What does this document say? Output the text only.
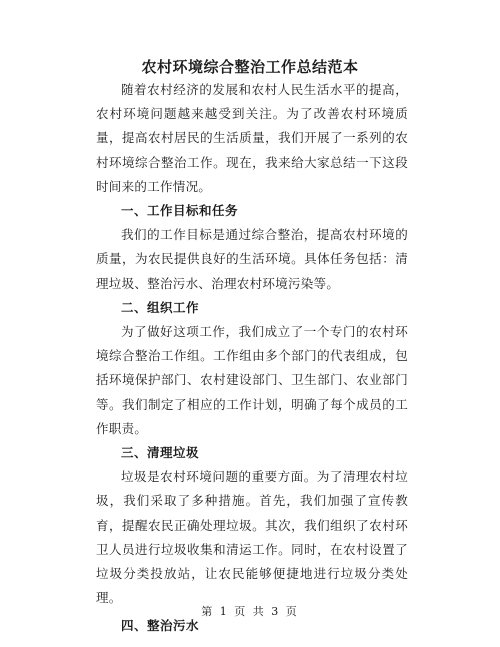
农村环境综合整治工作总结范本

随着农村经济的发展和农村人民生活水平的提高，农村环境问题越来越受到关注。为了改善农村环境质量，提高农村居民的生活质量，我们开展了一系列的农村环境综合整治工作。现在，我来给大家总结一下这段时间来的工作情况。

一、工作目标和任务

我们的工作目标是通过综合整治，提高农村环境的质量，为农民提供良好的生活环境。具体任务包括：清理垃圾、整治污水、治理农村环境污染等。

二、组织工作

为了做好这项工作，我们成立了一个专门的农村环境综合整治工作组。工作组由多个部门的代表组成，包括环境保护部门、农村建设部门、卫生部门、农业部门等。我们制定了相应的工作计划，明确了每个成员的工作职责。

三、清理垃圾

垃圾是农村环境问题的重要方面。为了清理农村垃圾，我们采取了多种措施。首先，我们加强了宣传教育，提醒农民正确处理垃圾。其次，我们组织了农村环卫人员进行垃圾收集和清运工作。同时，在农村设置了垃圾分类投放站，让农民能够便捷地进行垃圾分类处理。

四、整治污水

第 1 页 共 3 页
